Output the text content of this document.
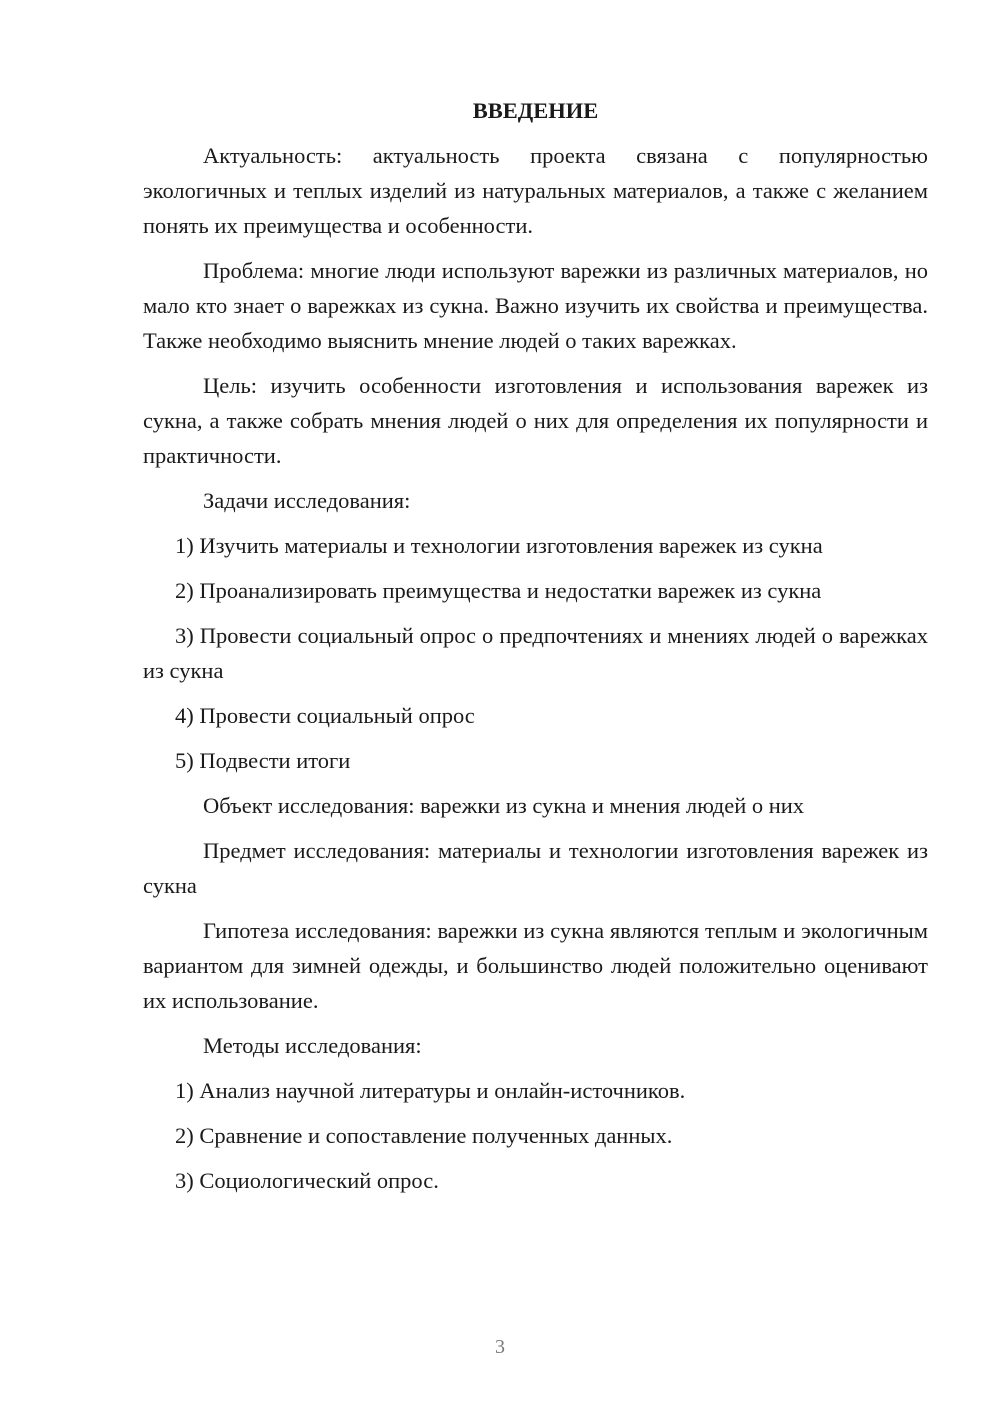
ВВЕДЕНИЕ

Актуальность: актуальность проекта связана с популярностью экологичных и теплых изделий из натуральных материалов, а также с желанием понять их преимущества и особенности.

Проблема: многие люди используют варежки из различных материалов, но мало кто знает о варежках из сукна. Важно изучить их свойства и преимущества. Также необходимо выяснить мнение людей о таких варежках.

Цель: изучить особенности изготовления и использования варежек из сукна, а также собрать мнения людей о них для определения их популярности и практичности.

Задачи исследования:

1) Изучить материалы и технологии изготовления варежек из сукна

2) Проанализировать преимущества и недостатки варежек из сукна

3) Провести социальный опрос о предпочтениях и мнениях людей о варежках из сукна

4) Провести социальный опрос

5) Подвести итоги

Объект исследования: варежки из сукна и мнения людей о них

Предмет исследования: материалы и технологии изготовления варежек из сукна

Гипотеза исследования: варежки из сукна являются теплым и экологичным вариантом для зимней одежды, и большинство людей положительно оценивают их использование.

Методы исследования:

1) Анализ научной литературы и онлайн-источников.

2) Сравнение и сопоставление полученных данных.

3) Социологический опрос.

3
